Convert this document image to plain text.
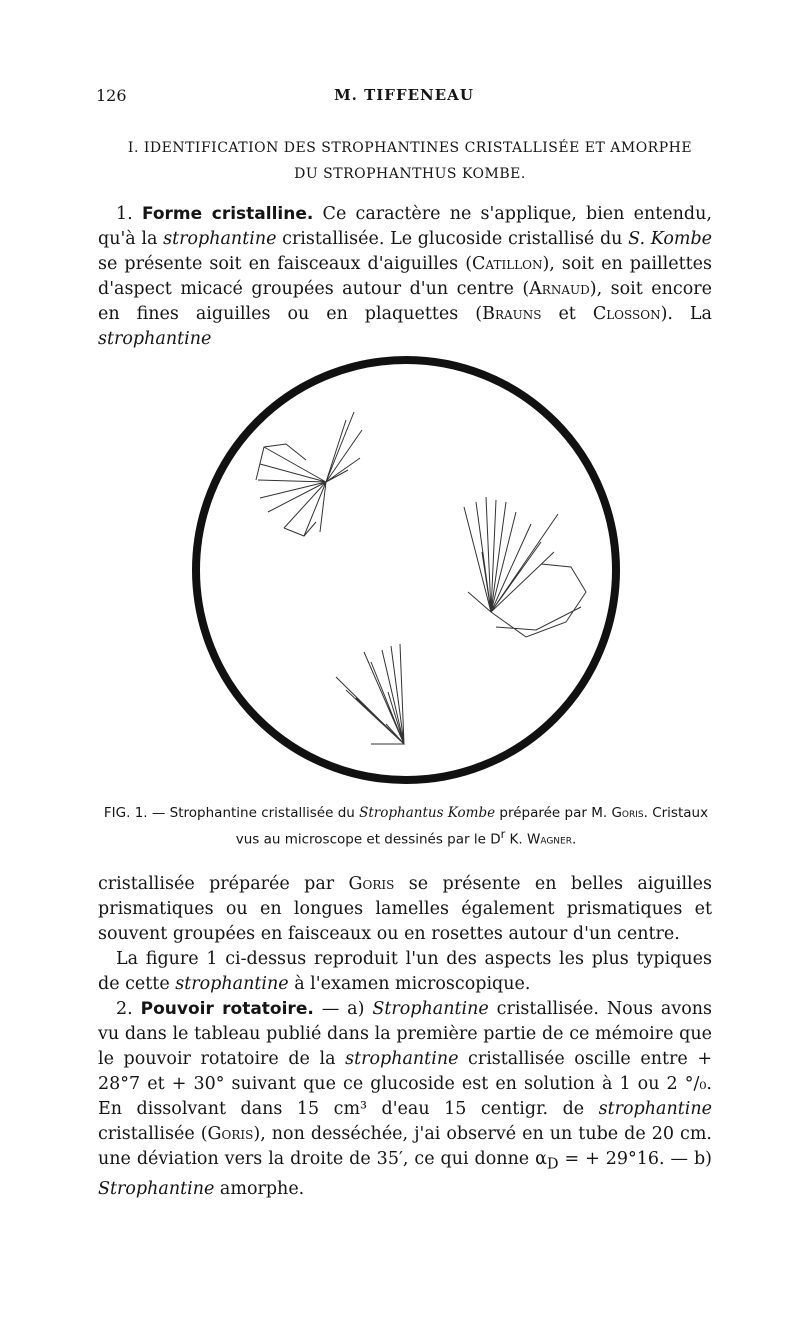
126	M. TIFFENEAU
I. IDENTIFICATION DES STROPHANTINES CRISTALLISÉE ET AMORPHE
DU STROPHANTHUS KOMBE.
1. Forme cristalline. Ce caractère ne s'applique, bien entendu, qu'à la strophantine cristallisée. Le glucoside cristallisé du S. Kombe se présente soit en faisceaux d'aiguilles (Catillon), soit en paillettes d'aspect micacé groupées autour d'un centre (Arnaud), soit encore en fines aiguilles ou en plaquettes (Brauns et Closson). La strophantine
FIG. 1. — Strophantine cristallisée du Strophantus Kombe préparée par M. Goris. Cristaux vus au microscope et dessinés par le $D^r$ K. Wagner.

cristallisée préparée par Goris se présente en belles aiguilles prismatiques ou en longues lamelles également prismatiques et souvent groupées en faisceaux ou en rosettes autour d'un centre.

La figure 1 ci-dessus reproduit l'un des aspects les plus typiques de cette strophantine à l'examen microscopique.

2. Pouvoir rotatoire. — a) Strophantine cristallisée. Nous avons vu dans le tableau publié dans la première partie de ce mémoire que le pouvoir rotatoire de la strophantine cristallisée oscille entre + 28°7 et + 30° suivant que ce glucoside est en solution à 1 ou 2 °/₀. En dissolvant dans 15 cm³ d'eau 15 centigr. de strophantine cristallisée (Goris), non desséchée, j'ai observé en un tube de 20 cm. une déviation vers la droite de 35′, ce qui donne $\alpha_D$ = + 29°16. — b) Strophantine amorphe.
